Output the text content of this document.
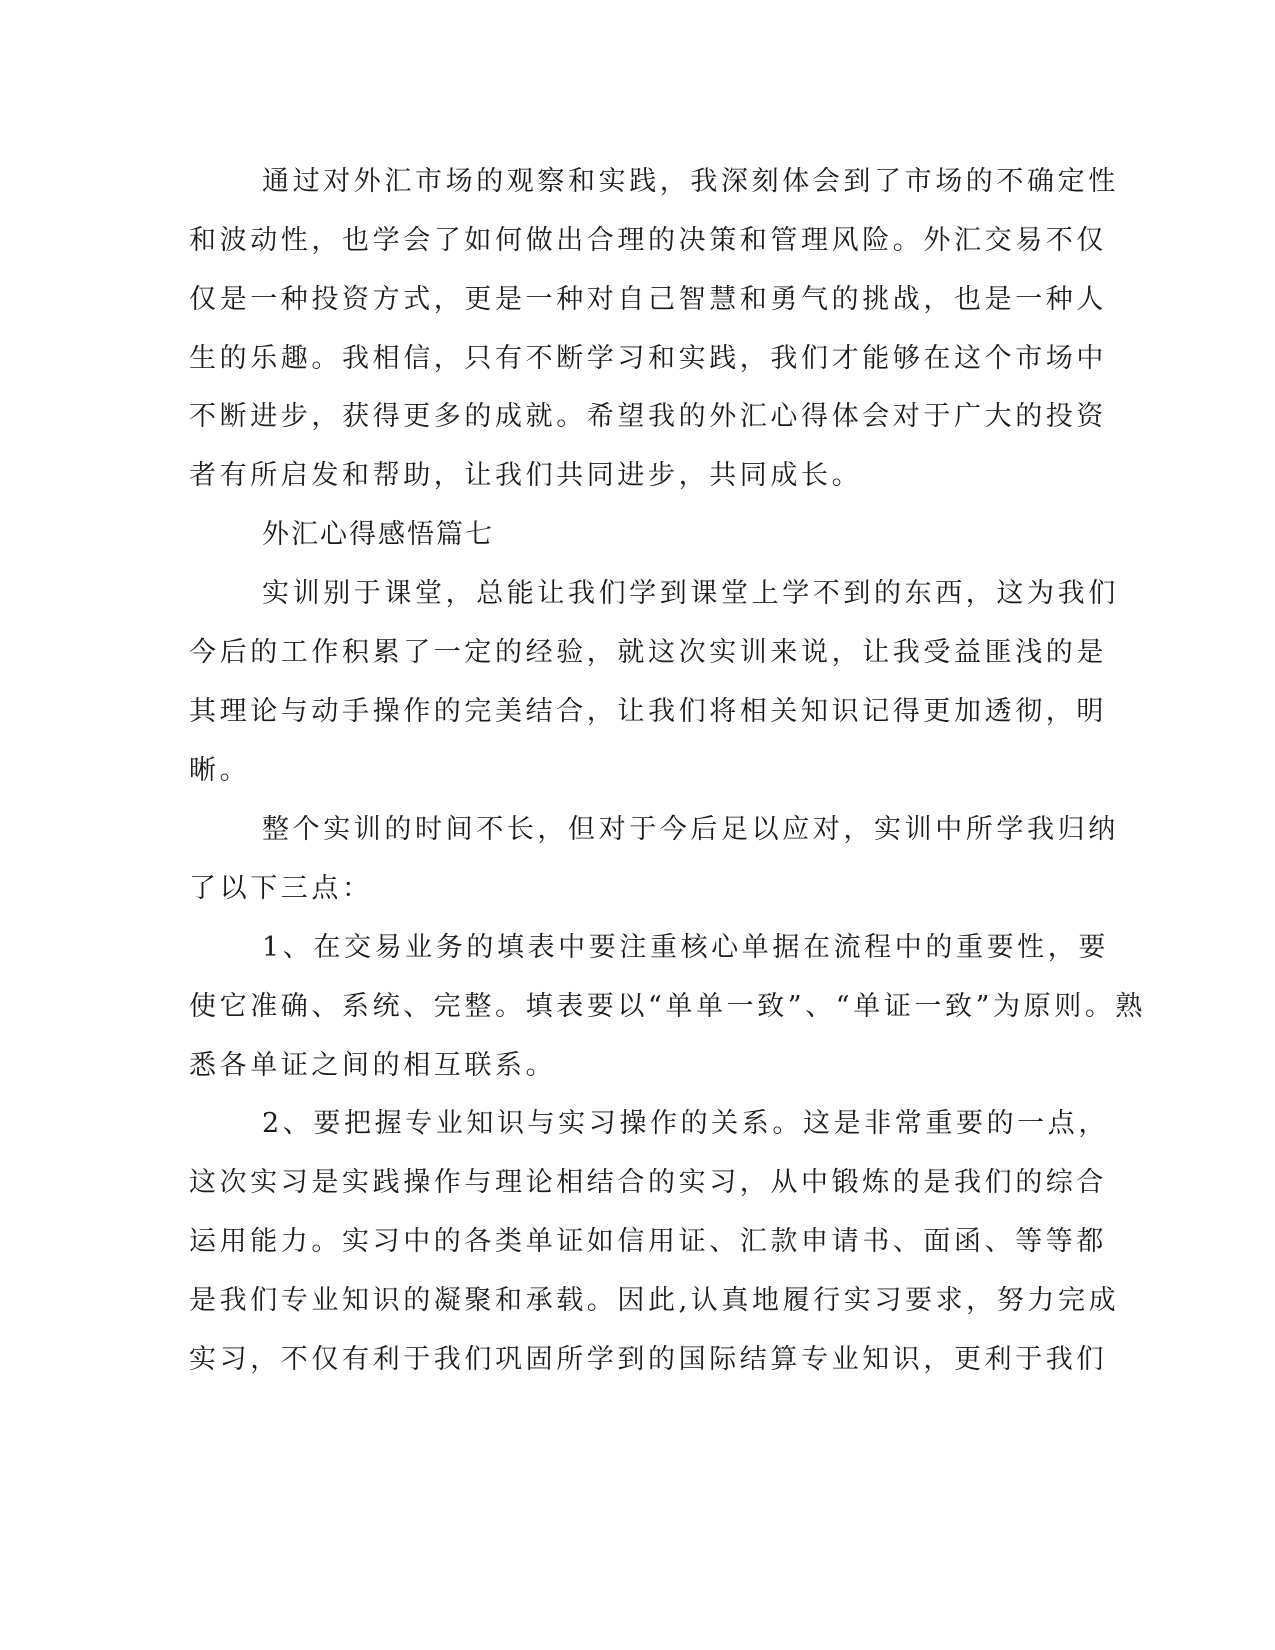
通过对外汇市场的观察和实践，我深刻体会到了市场的不确定性
和波动性，也学会了如何做出合理的决策和管理风险。外汇交易不仅
仅是一种投资方式，更是一种对自己智慧和勇气的挑战，也是一种人
生的乐趣。我相信，只有不断学习和实践，我们才能够在这个市场中
不断进步，获得更多的成就。希望我的外汇心得体会对于广大的投资
者有所启发和帮助，让我们共同进步，共同成长。
外汇心得感悟篇七
实训别于课堂，总能让我们学到课堂上学不到的东西，这为我们
今后的工作积累了一定的经验，就这次实训来说，让我受益匪浅的是
其理论与动手操作的完美结合，让我们将相关知识记得更加透彻，明
晰。
整个实训的时间不长，但对于今后足以应对，实训中所学我归纳
了以下三点：
1、在交易业务的填表中要注重核心单据在流程中的重要性，要
使它准确、系统、完整。填表要以“单单一致”、“单证一致”为原则。熟
悉各单证之间的相互联系。
2、要把握专业知识与实习操作的关系。这是非常重要的一点，
这次实习是实践操作与理论相结合的实习，从中锻炼的是我们的综合
运用能力。实习中的各类单证如信用证、汇款申请书、面函、等等都
是我们专业知识的凝聚和承载。因此,认真地履行实习要求，努力完成
实习，不仅有利于我们巩固所学到的国际结算专业知识，更利于我们
